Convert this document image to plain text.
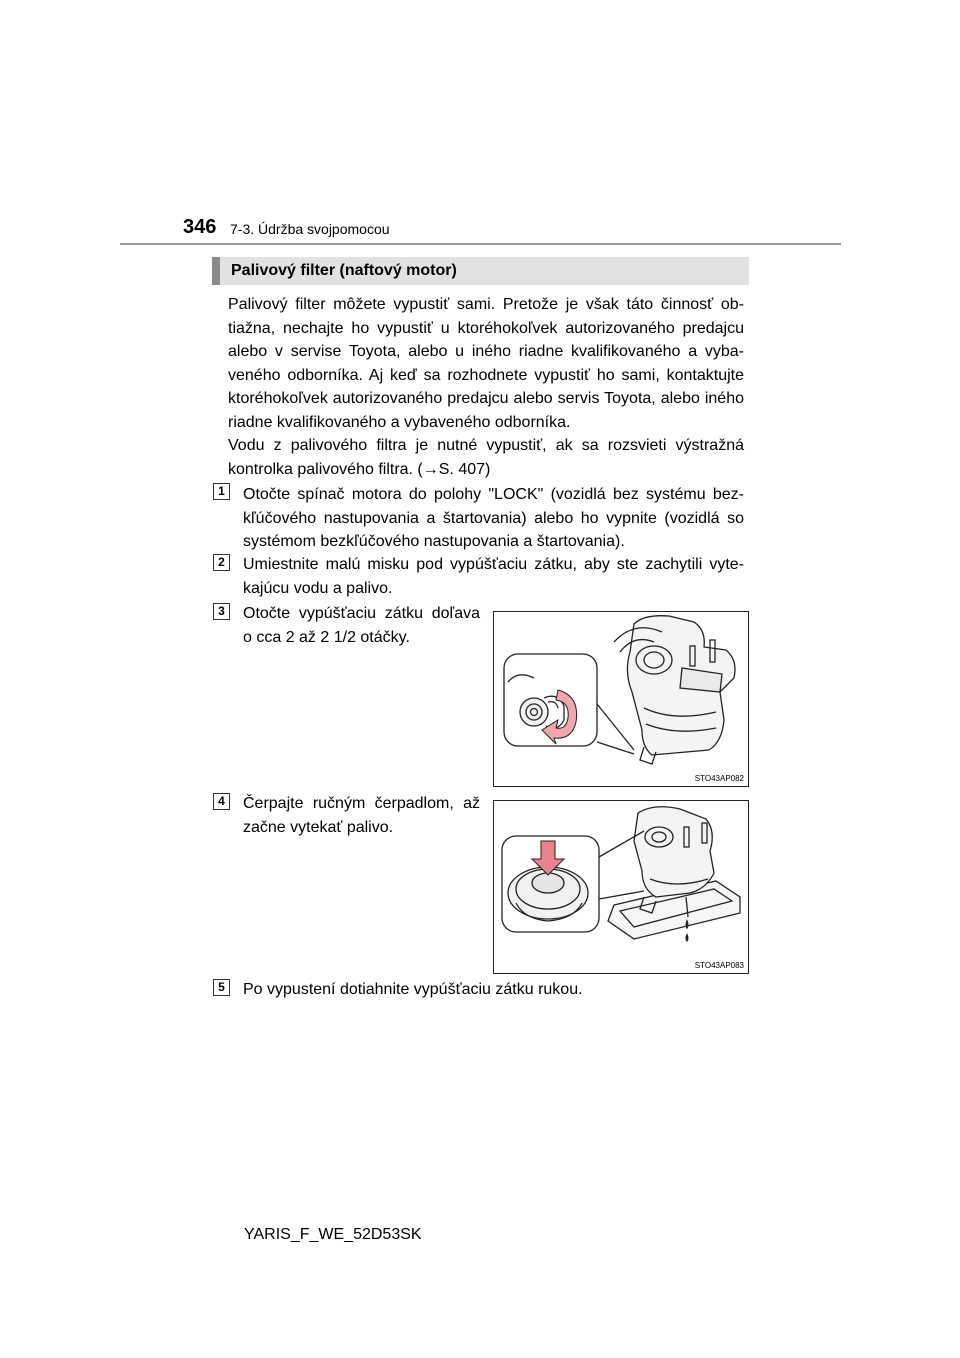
346 7-3. Údržba svojpomocou
Palivový filter (naftový motor)

Palivový filter môžete vypustiť sami. Pretože je však táto činnosť ob-tiažna, nechajte ho vypustiť u ktoréhokoľvek autorizovaného predajcu alebo v servise Toyota, alebo u iného riadne kvalifikovaného a vyba-veného odborníka. Aj keď sa rozhodnete vypustiť ho sami, kontaktujte ktoréhokoľvek autorizovaného predajcu alebo servis Toyota, alebo iného riadne kvalifikovaného a vybaveného odborníka.

Vodu z palivového filtra je nutné vypustiť, ak sa rozsvieti výstražná kontrolka palivového filtra. (→S. 407)

1	Otočte spínač motora do polohy "LOCK" (vozidlá bez systému bez-kľúčového nastupovania a štartovania) alebo ho vypnite (vozidlá so systémom bezkľúčového nastupovania a štartovania).

2	Umiestnite malú misku pod vypúšťaciu zátku, aby ste zachytili vyte-kajúcu vodu a palivo.

3	Otočte vypúšťaciu zátku doľava o cca 2 až 2 1/2 otáčky.

STO43AP082
4	Čerpajte ručným čerpadlom, až začne vytekať palivo.

STO43AP083
5	Po vypustení dotiahnite vypúšťaciu zátku rukou.

YARIS_F_WE_52D53SK
